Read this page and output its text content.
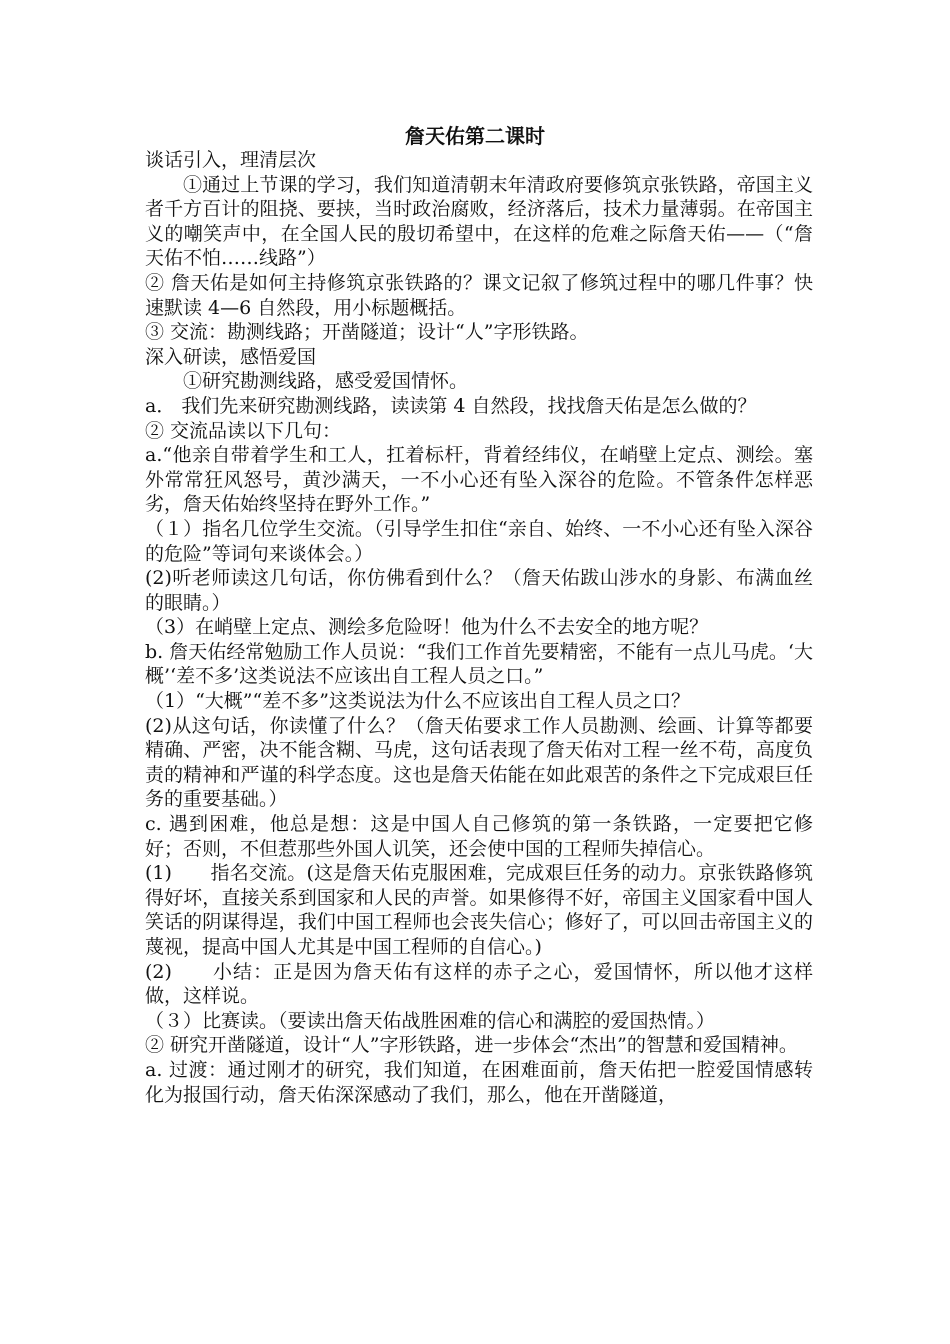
詹天佑第二课时

谈话引入，理清层次

①通过上节课的学习，我们知道清朝末年清政府要修筑京张铁路，帝国主义者千方百计的阻挠、要挟，当时政治腐败，经济落后，技术力量薄弱。在帝国主义的嘲笑声中，在全国人民的殷切希望中，在这样的危难之际詹天佑——（“詹天佑不怕……线路”）

② 詹天佑是如何主持修筑京张铁路的？课文记叙了修筑过程中的哪几件事？快速默读 4—6 自然段，用小标题概括。

③ 交流：勘测线路；开凿隧道；设计“人”字形铁路。

深入研读，感悟爱国

①研究勘测线路，感受爱国情怀。

a． 我们先来研究勘测线路，读读第 4 自然段，找找詹天佑是怎么做的？

② 交流品读以下几句：

a.“他亲自带着学生和工人，扛着标杆，背着经纬仪，在峭壁上定点、测绘。塞外常常狂风怒号，黄沙满天，一不小心还有坠入深谷的危险。不管条件怎样恶劣，詹天佑始终坚持在野外工作。”

（１）指名几位学生交流。（引导学生扣住“亲自、始终、一不小心还有坠入深谷的危险”等词句来谈体会。）

(2)听老师读这几句话，你仿佛看到什么？（詹天佑跋山涉水的身影、布满血丝的眼睛。）

（3）在峭壁上定点、测绘多危险呀！他为什么不去安全的地方呢？

b. 詹天佑经常勉励工作人员说：“我们工作首先要精密，不能有一点儿马虎。‘大概’‘差不多’这类说法不应该出自工程人员之口。”

（1）“大概”“差不多”这类说法为什么不应该出自工程人员之口？

(2)从这句话，你读懂了什么？（詹天佑要求工作人员勘测、绘画、计算等都要精确、严密，决不能含糊、马虎，这句话表现了詹天佑对工程一丝不苟，高度负责的精神和严谨的科学态度。这也是詹天佑能在如此艰苦的条件之下完成艰巨任务的重要基础。）

c. 遇到困难，他总是想：这是中国人自己修筑的第一条铁路，一定要把它修好；否则，不但惹那些外国人讥笑，还会使中国的工程师失掉信心。

(1)　　指名交流。(这是詹天佑克服困难，完成艰巨任务的动力。京张铁路修筑得好坏，直接关系到国家和人民的声誉。如果修得不好，帝国主义国家看中国人笑话的阴谋得逞，我们中国工程师也会丧失信心；修好了，可以回击帝国主义的蔑视，提高中国人尤其是中国工程师的自信心。)

(2)　　小结：正是因为詹天佑有这样的赤子之心，爱国情怀，所以他才这样做，这样说。

（３）比赛读。（要读出詹天佑战胜困难的信心和满腔的爱国热情。）

② 研究开凿隧道，设计“人”字形铁路，进一步体会“杰出”的智慧和爱国精神。

a. 过渡：通过刚才的研究，我们知道，在困难面前，詹天佑把一腔爱国情感转化为报国行动，詹天佑深深感动了我们，那么，他在开凿隧道，
